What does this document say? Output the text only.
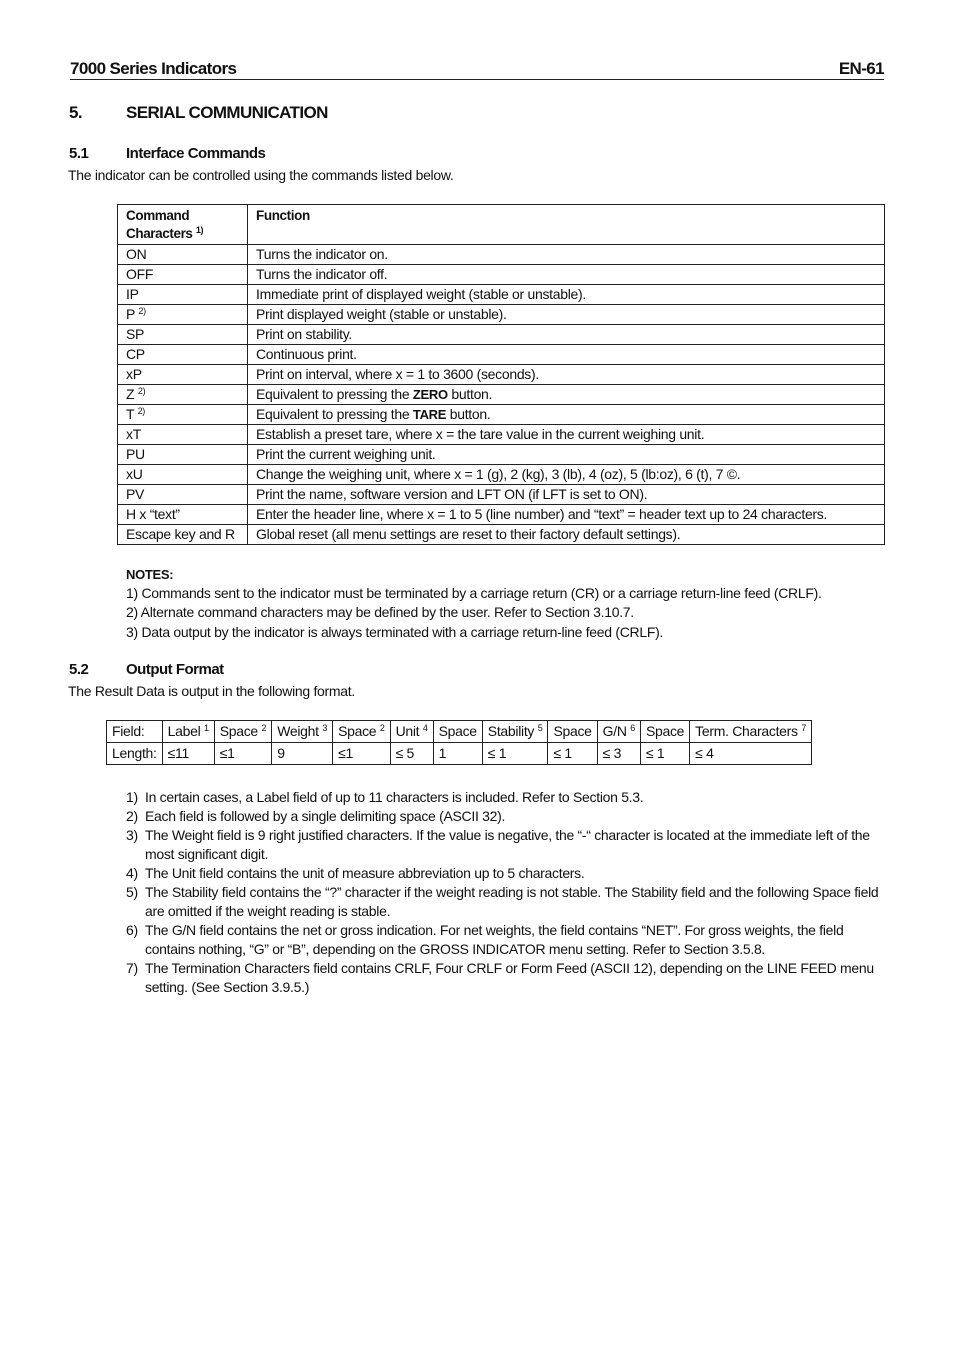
7000 Series Indicators	EN-61
5.	SERIAL COMMUNICATION
5.1	Interface Commands
The indicator can be controlled using the commands listed below.
Command
Characters $^{1)}$	Function
ON	Turns the indicator on.
OFF	Turns the indicator off.
IP	Immediate print of displayed weight (stable or unstable).
P $^{2)}$	Print displayed weight (stable or unstable).
SP	Print on stability.
CP	Continuous print.
xP	Print on interval, where x = 1 to 3600 (seconds).
Z $^{2)}$	Equivalent to pressing the ZERO button.
T $^{2)}$	Equivalent to pressing the TARE button.
xT	Establish a preset tare, where x = the tare value in the current weighing unit.
PU	Print the current weighing unit.
xU	Change the weighing unit, where x = 1 (g), 2 (kg), 3 (lb), 4 (oz), 5 (lb:oz), 6 (t), 7 ©.
PV	Print the name, software version and LFT ON (if LFT is set to ON).
H x “text”	Enter the header line, where x = 1 to 5 (line number) and “text” = header text up to 24 characters.
Escape key and R	Global reset (all menu settings are reset to their factory default settings).
NOTES:
1) Commands sent to the indicator must be terminated by a carriage return (CR) or a carriage return-line feed (CRLF).
2) Alternate command characters may be defined by the user. Refer to Section 3.10.7.
3) Data output by the indicator is always terminated with a carriage return-line feed (CRLF).
5.2	Output Format
The Result Data is output in the following format.
Field:	Label $^1$	Space $^2$	Weight $^3$	Space $^2$	Unit $^4$	Space	Stability $^5$	Space	G/N $^6$	Space	Term. Characters $^7$
Length:	≤11	≤1	9	≤1	≤ 5	1	≤ 1	≤ 1	≤ 3	≤ 1	≤ 4
1) In certain cases, a Label field of up to 11 characters is included. Refer to Section 5.3.
2) Each field is followed by a single delimiting space (ASCII 32).
3) The Weight field is 9 right justified characters. If the value is negative, the “-“ character is located at the immediate left of the most significant digit.
4) The Unit field contains the unit of measure abbreviation up to 5 characters.
5) The Stability field contains the “?” character if the weight reading is not stable. The Stability field and the following Space field are omitted if the weight reading is stable.
6) The G/N field contains the net or gross indication. For net weights, the field contains “NET”. For gross weights, the field contains nothing, “G” or “B”, depending on the GROSS INDICATOR menu setting. Refer to Section 3.5.8.
7) The Termination Characters field contains CRLF, Four CRLF or Form Feed (ASCII 12), depending on the LINE FEED menu setting. (See Section 3.9.5.)
